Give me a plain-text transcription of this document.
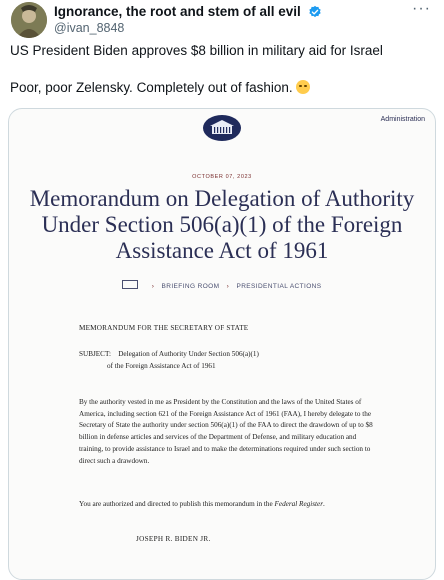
Ignorance, the root and stem of all evil
@ivan_8848
···
US President Biden approves $8 billion in military aid for Israel
Poor, poor Zelensky. Completely out of fashion.
Administration
OCTOBER 07, 2023
Memorandum on Delegation of Authority Under Section 506(a)(1) of the Foreign Assistance Act of 1961
› BRIEFING ROOM › PRESIDENTIAL ACTIONS
MEMORANDUM FOR THE SECRETARY OF STATE
SUBJECT: Delegation of Authority Under Section 506(a)(1)
of the Foreign Assistance Act of 1961
By the authority vested in me as President by the Constitution and the laws of the United States of America, including section 621 of the Foreign Assistance Act of 1961 (FAA), I hereby delegate to the Secretary of State the authority under section 506(a)(1) of the FAA to direct the drawdown of up to $8 billion in defense articles and services of the Department of Defense, and military education and training, to provide assistance to Israel and to make the determinations required under such section to direct such a drawdown.
You are authorized and directed to publish this memorandum in the Federal Register.
JOSEPH R. BIDEN JR.
